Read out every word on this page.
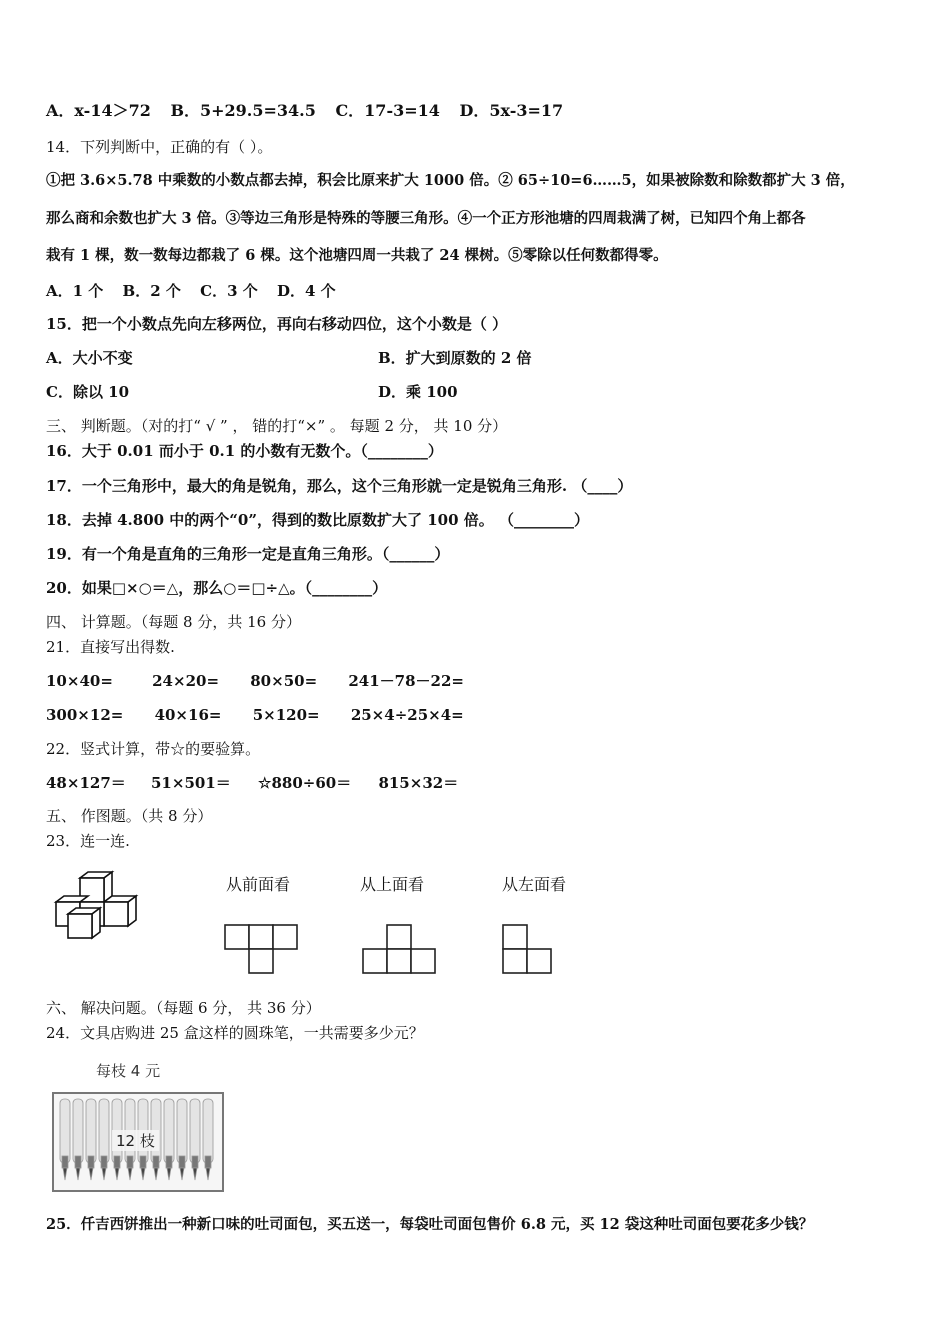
A．x-14＞72 B．5+29.5=34.5 C．17-3=14 D．5x-3=17
14．下列判断中，正确的有（ ）。
①把 3.6×5.78 中乘数的小数点都去掉，积会比原来扩大 1000 倍。② 65÷10=6……5，如果被除数和除数都扩大 3 倍，
那么商和余数也扩大 3 倍。③等边三角形是特殊的等腰三角形。④一个正方形池塘的四周栽满了树，已知四个角上都各
栽有 1 棵，数一数每边都栽了 6 棵。这个池塘四周一共栽了 24 棵树。⑤零除以任何数都得零。
A．1 个 B．2 个 C．3 个 D．4 个
15．把一个小数点先向左移两位，再向右移动四位，这个小数是（ ）
A．大小不变	B．扩大到原数的 2 倍
C．除以 10	D．乘 100
三、 判断题。（对的打“ √ ” ， 错的打“×” 。 每题 2 分， 共 10 分）
16．大于 0.01 而小于 0.1 的小数有无数个。（________）
17．一个三角形中，最大的角是锐角，那么，这个三角形就一定是锐角三角形. （____）
18．去掉 4.800 中的两个“0”，得到的数比原数扩大了 100 倍。 （________）
19．有一个角是直角的三角形一定是直角三角形。（______）
20．如果□×○＝△，那么○＝□÷△。（________）
四、 计算题。（每题 8 分，共 16 分）
21．直接写出得数.
10×40=	24×20= 80×50= 241－78－22=
300×12= 40×16= 5×120= 25×4÷25×4=
22．竖式计算，带☆的要验算。
48×127＝ 51×501＝ ☆880÷60＝ 815×32＝
五、 作图题。（共 8 分）
23．连一连.
从前面看	从上面看	从左面看
六、 解决问题。（每题 6 分， 共 36 分）
24．文具店购进 25 盒这样的圆珠笔，一共需要多少元？
每枝 4 元
12 枝
25．仟吉西饼推出一种新口味的吐司面包，买五送一，每袋吐司面包售价 6.8 元，买 12 袋这种吐司面包要花多少钱？
